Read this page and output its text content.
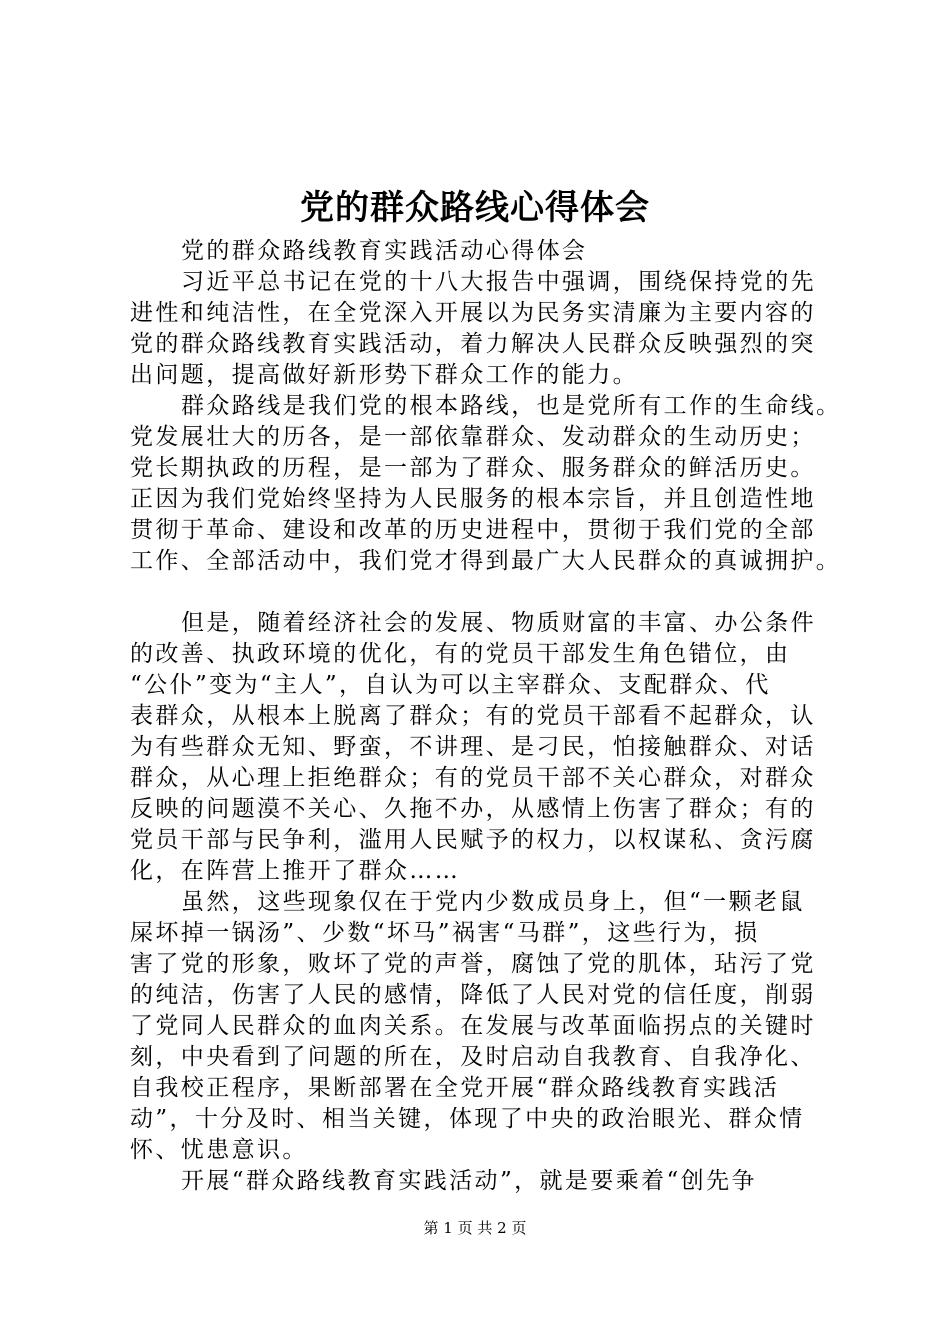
党的群众路线心得体会
党的群众路线教育实践活动心得体会
习近平总书记在党的十八大报告中强调，围绕保持党的先
进性和纯洁性，在全党深入开展以为民务实清廉为主要内容的
党的群众路线教育实践活动，着力解决人民群众反映强烈的突
出问题，提高做好新形势下群众工作的能力。
群众路线是我们党的根本路线，也是党所有工作的生命线。
党发展壮大的历各，是一部依靠群众、发动群众的生动历史；
党长期执政的历程，是一部为了群众、服务群众的鲜活历史。
正因为我们党始终坚持为人民服务的根本宗旨，并且创造性地
贯彻于革命、建设和改革的历史进程中，贯彻于我们党的全部
工作、全部活动中，我们党才得到最广大人民群众的真诚拥护。
但是，随着经济社会的发展、物质财富的丰富、办公条件
的改善、执政环境的优化，有的党员干部发生角色错位，由
“公仆”变为“主人”，自认为可以主宰群众、支配群众、代
表群众，从根本上脱离了群众；有的党员干部看不起群众，认
为有些群众无知、野蛮，不讲理、是刁民，怕接触群众、对话
群众，从心理上拒绝群众；有的党员干部不关心群众，对群众
反映的问题漠不关心、久拖不办，从感情上伤害了群众；有的
党员干部与民争利，滥用人民赋予的权力，以权谋私、贪污腐
化，在阵营上推开了群众……
虽然，这些现象仅在于党内少数成员身上，但“一颗老鼠
屎坏掉一锅汤”、少数“坏马”祸害“马群”，这些行为，损
害了党的形象，败坏了党的声誉，腐蚀了党的肌体，玷污了党
的纯洁，伤害了人民的感情，降低了人民对党的信任度，削弱
了党同人民群众的血肉关系。在发展与改革面临拐点的关键时
刻，中央看到了问题的所在，及时启动自我教育、自我净化、
自我校正程序，果断部署在全党开展“群众路线教育实践活
动”，十分及时、相当关键，体现了中央的政治眼光、群众情
怀、忧患意识。
开展“群众路线教育实践活动”，就是要乘着“创先争
第 1 页 共 2 页
